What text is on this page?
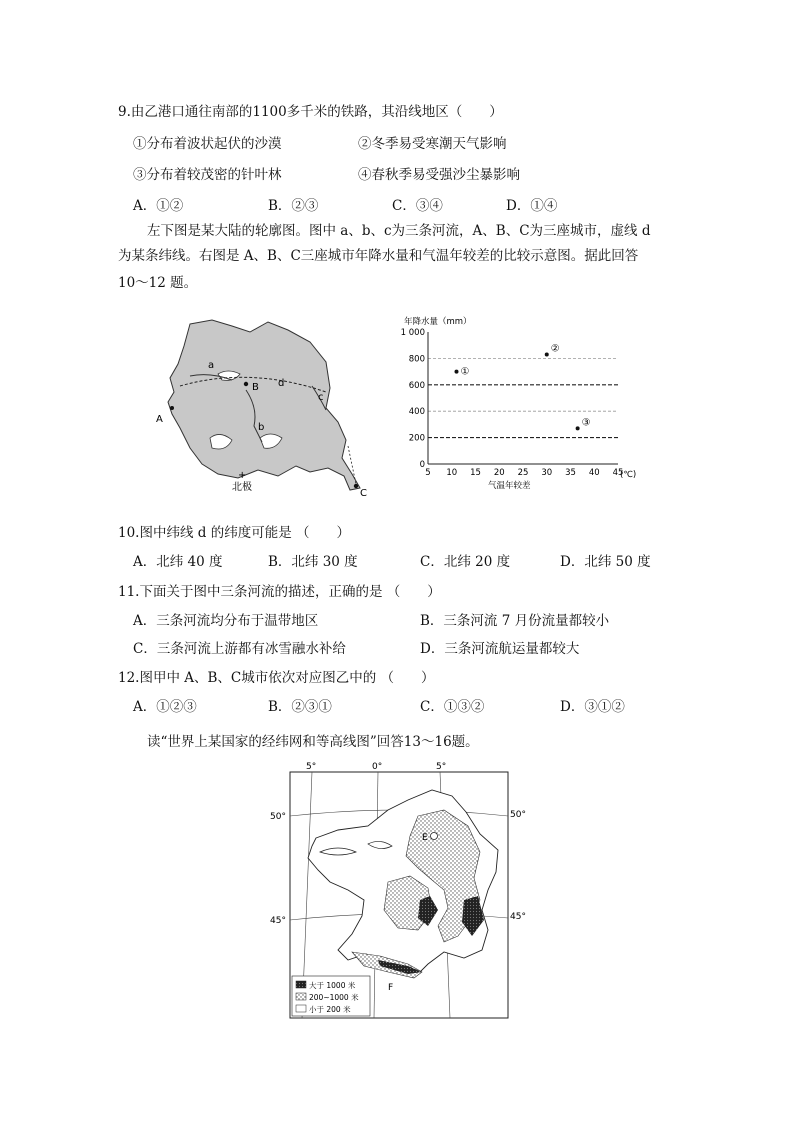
9.由乙港口通往南部的1100多千米的铁路，其沿线地区（　　）
①分布着波状起伏的沙漠	②冬季易受寒潮天气影响
③分布着较茂密的针叶林	④春秋季易受强沙尘暴影响
A．①②	B．②③	C．③④	D．①④
左下图是某大陆的轮廓图。图中 a、b、c为三条河流，A、B、C为三座城市，虚线 d
为某条纬线。右图是 A、B、C三座城市年降水量和气温年较差的比较示意图。据此回答
10～12 题。
a
b
c
d
A
B
C
+
北极
年降水量（mm）
0
200
400
600
800
1 000
5 10 15 20 25 30 35 40 45
①
②
③
(℃)
气温年较差
10.图中纬线 d 的纬度可能是 （　　）
A．北纬 40 度	B．北纬 30 度	C．北纬 20 度	D．北纬 50 度
11.下面关于图中三条河流的描述，正确的是 （　　）
A．三条河流均分布于温带地区	B．三条河流 7 月份流量都较小
C．三条河流上游都有冰雪融水补给	D．三条河流航运量都较大
12.图甲中 A、B、C城市依次对应图乙中的 （　　）
A．①②③	B．②③①	C．①③②	D．③①②
读“世界上某国家的经纬网和等高线图”回答13～16题。
5°	0°	5°
50°	50°
45°	45°
E
F
大于 1000 米
200~1000 米
小于 200 米
